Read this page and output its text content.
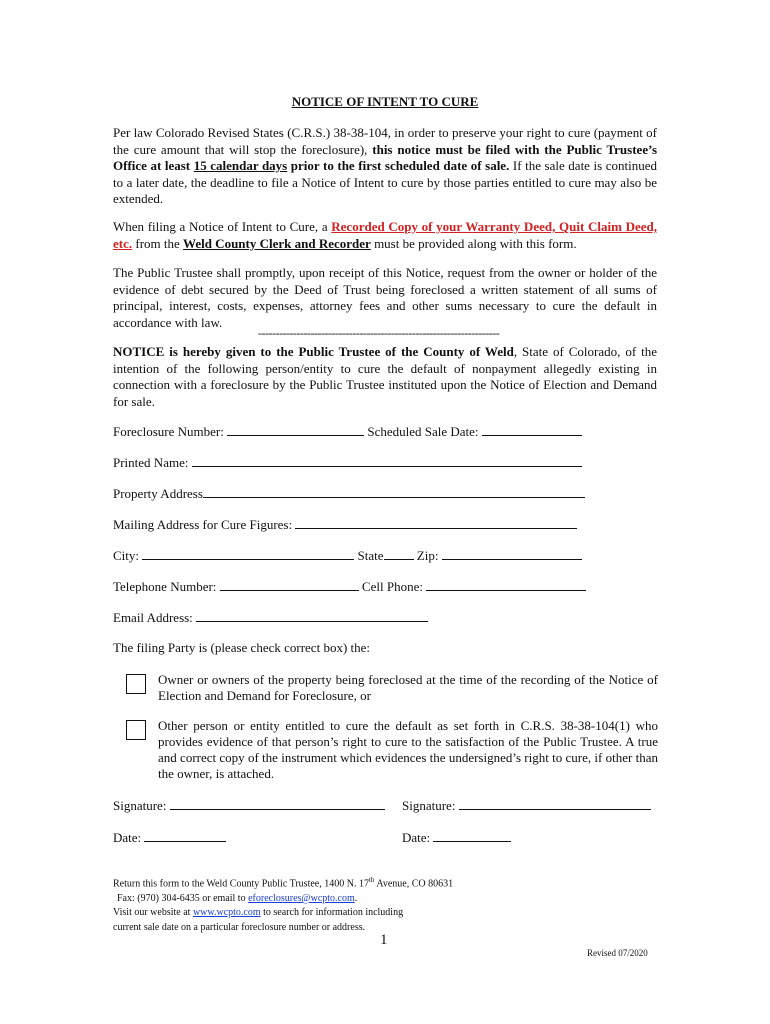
NOTICE OF INTENT TO CURE
Per law Colorado Revised States (C.R.S.) 38-38-104, in order to preserve your right to cure (payment of the cure amount that will stop the foreclosure), this notice must be filed with the Public Trustee’s Office at least 15 calendar days prior to the first scheduled date of sale. If the sale date is continued to a later date, the deadline to file a Notice of Intent to cure by those parties entitled to cure may also be extended.
When filing a Notice of Intent to Cure, a Recorded Copy of your Warranty Deed, Quit Claim Deed, etc. from the Weld County Clerk and Recorder must be provided along with this form.
The Public Trustee shall promptly, upon receipt of this Notice, request from the owner or holder of the evidence of debt secured by the Deed of Trust being foreclosed a written statement of all sums of principal, interest, costs, expenses, attorney fees and other sums necessary to cure the default in accordance with law.
---------------------------------------------------------------------
NOTICE is hereby given to the Public Trustee of the County of Weld, State of Colorado, of the intention of the following person/entity to cure the default of nonpayment allegedly existing in connection with a foreclosure by the Public Trustee instituted upon the Notice of Election and Demand for sale.
Foreclosure Number:	Scheduled Sale Date:
Printed Name:
Property Address
Mailing Address for Cure Figures:
City:	State	Zip:
Telephone Number:	Cell Phone:
Email Address:
The filing Party is (please check correct box) the:
Owner or owners of the property being foreclosed at the time of the recording of the Notice of Election and Demand for Foreclosure, or
Other person or entity entitled to cure the default as set forth in C.R.S. 38-38-104(1) who provides evidence of that person’s right to cure to the satisfaction of the Public Trustee. A true and correct copy of the instrument which evidences the undersigned’s right to cure, if other than the owner, is attached.
Signature:	Signature:
Date:	Date:
Return this form to the Weld County Public Trustee, 1400 N. 17th Avenue, CO 80631
Fax: (970) 304-6435 or email to eforeclosures@wcpto.com.
Visit our website at www.wcpto.com to search for information including
current sale date on a particular foreclosure number or address.
1
Revised 07/2020
